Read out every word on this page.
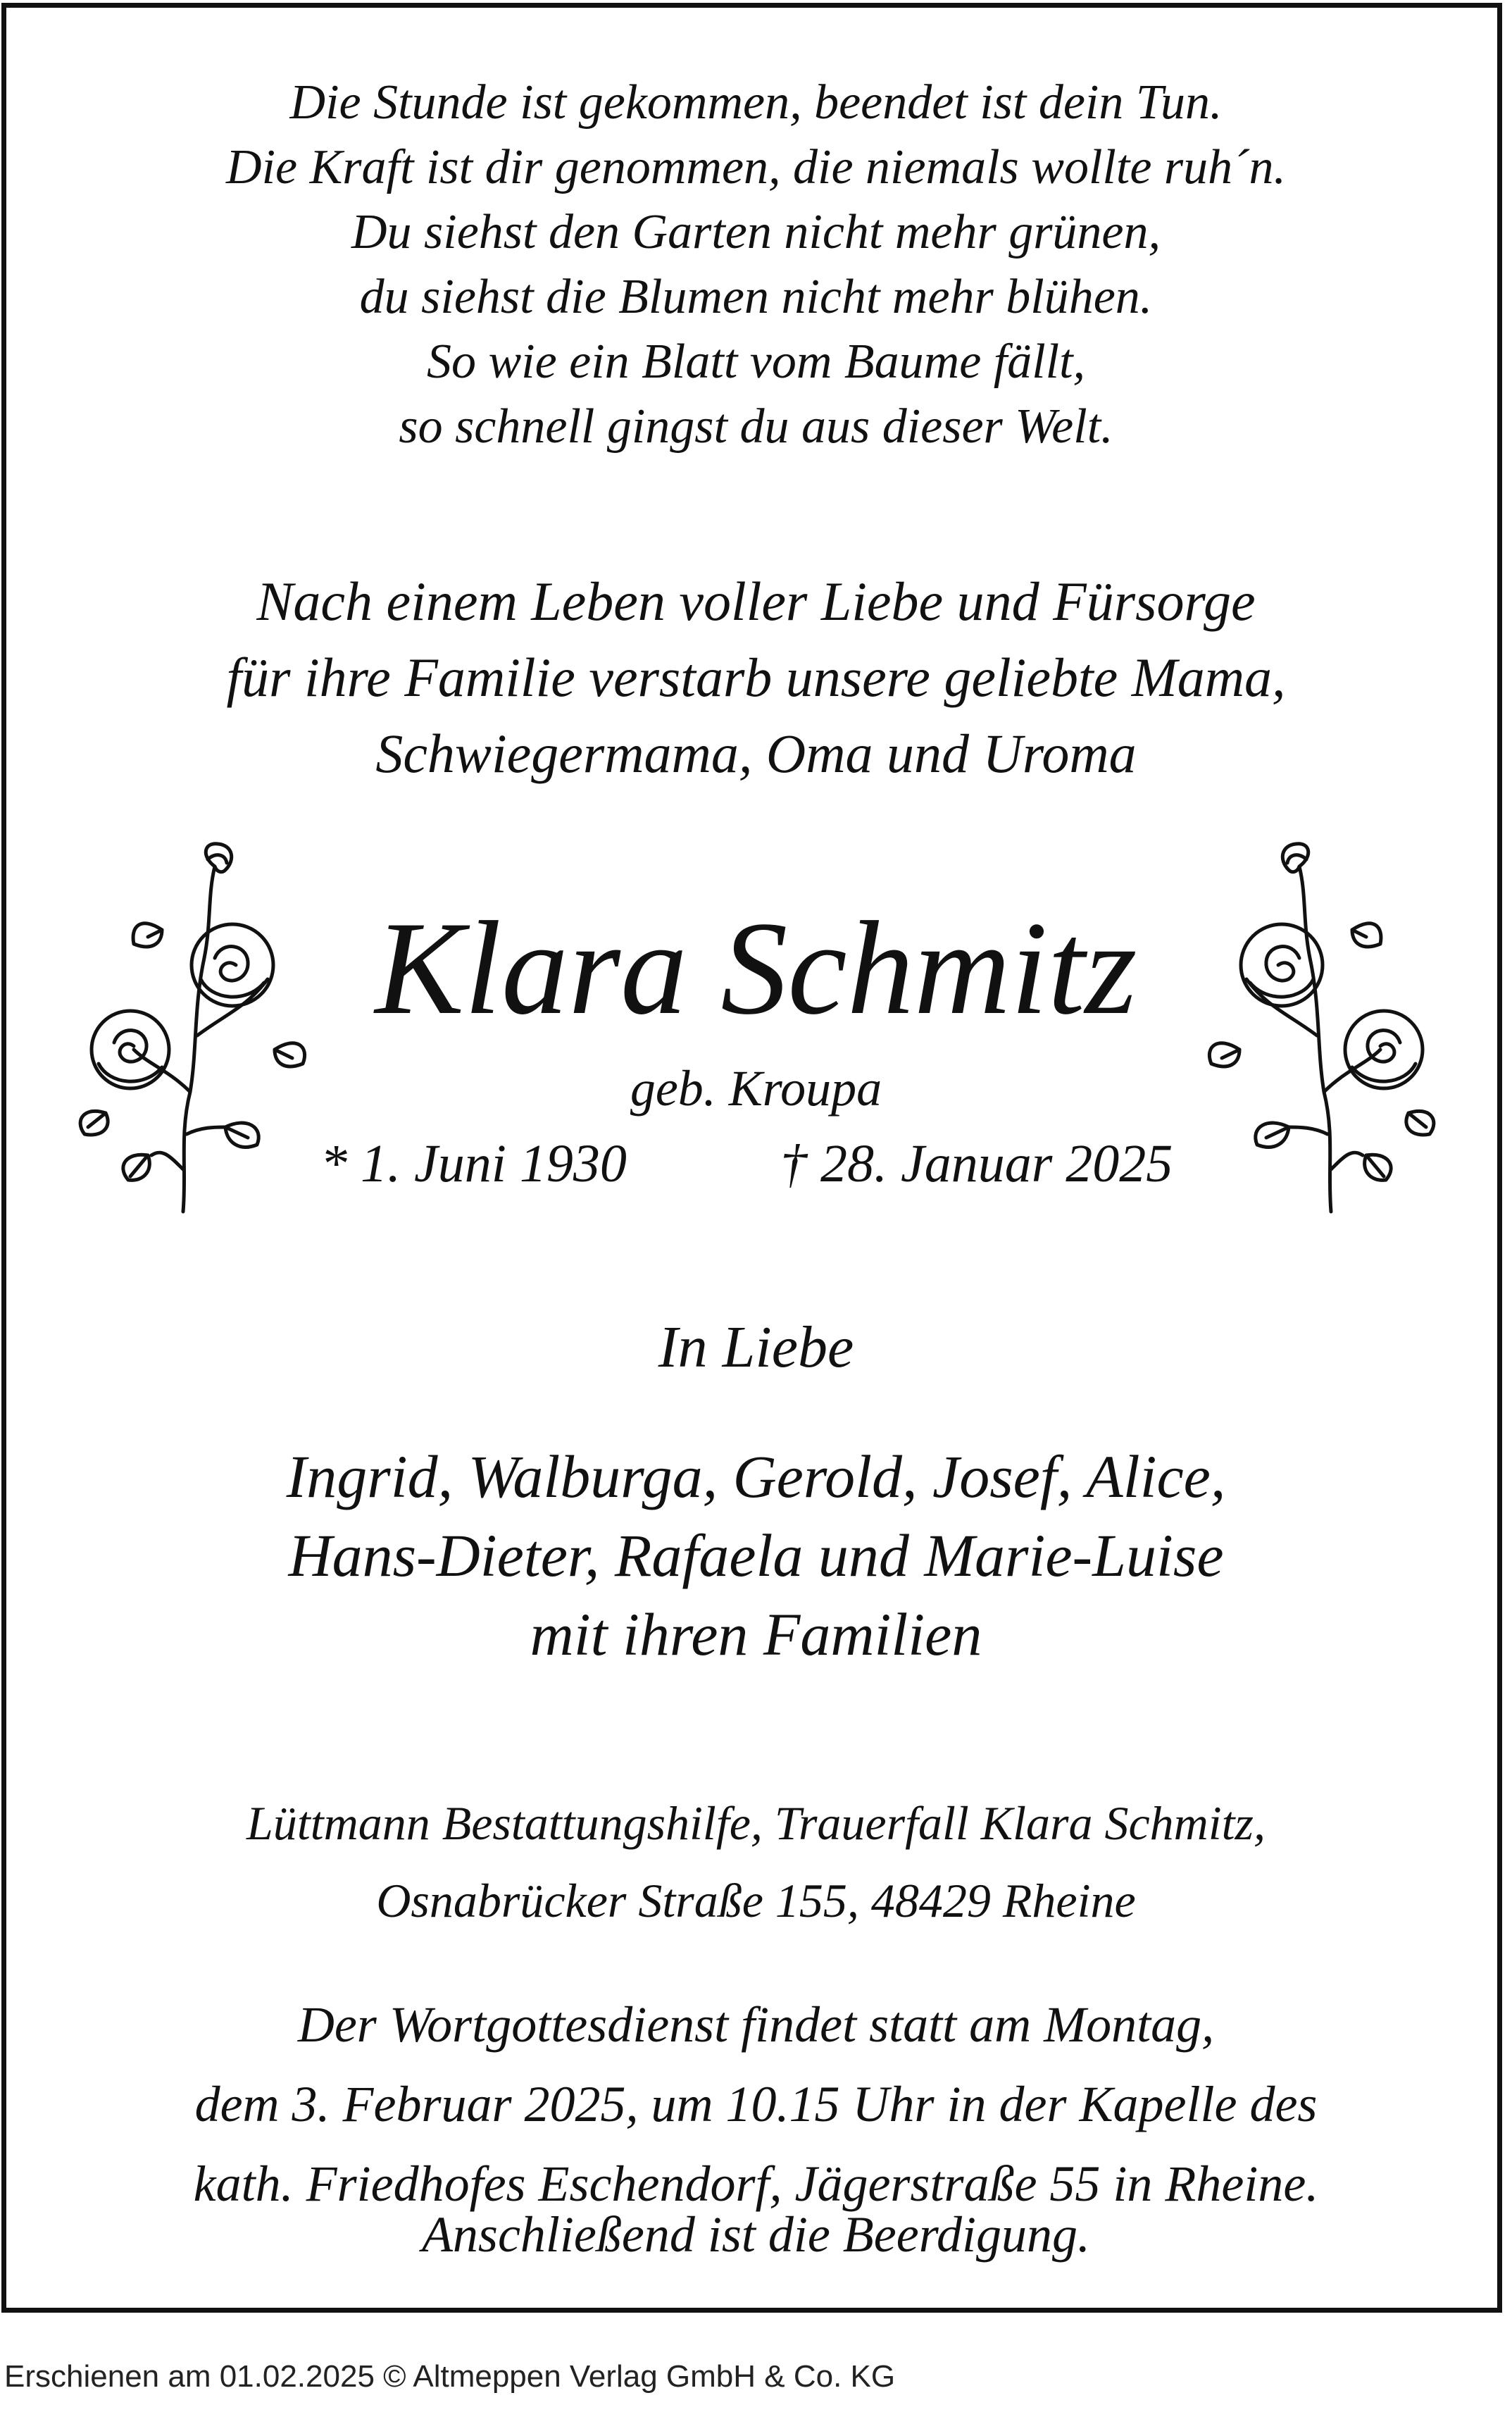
Die Stunde ist gekommen, beendet ist dein Tun.
Die Kraft ist dir genommen, die niemals wollte ruh´n.
Du siehst den Garten nicht mehr grünen,
du siehst die Blumen nicht mehr blühen.
So wie ein Blatt vom Baume fällt,
so schnell gingst du aus dieser Welt.

Nach einem Leben voller Liebe und Fürsorge
für ihre Familie verstarb unsere geliebte Mama,
Schwiegermama, Oma und Uroma

Klara Schmitz

geb. Kroupa

* 1. Juni 1930	† 28. Januar 2025

In Liebe

Ingrid, Walburga, Gerold, Josef, Alice,
Hans-Dieter, Rafaela und Marie-Luise
mit ihren Familien

Lüttmann Bestattungshilfe, Trauerfall Klara Schmitz,
Osnabrücker Straße 155, 48429 Rheine

Der Wortgottesdienst findet statt am Montag,
dem 3. Februar 2025, um 10.15 Uhr in der Kapelle des
kath. Friedhofes Eschendorf, Jägerstraße 55 in Rheine.

Anschließend ist die Beerdigung.

Erschienen am 01.02.2025 © Altmeppen Verlag GmbH & Co. KG
